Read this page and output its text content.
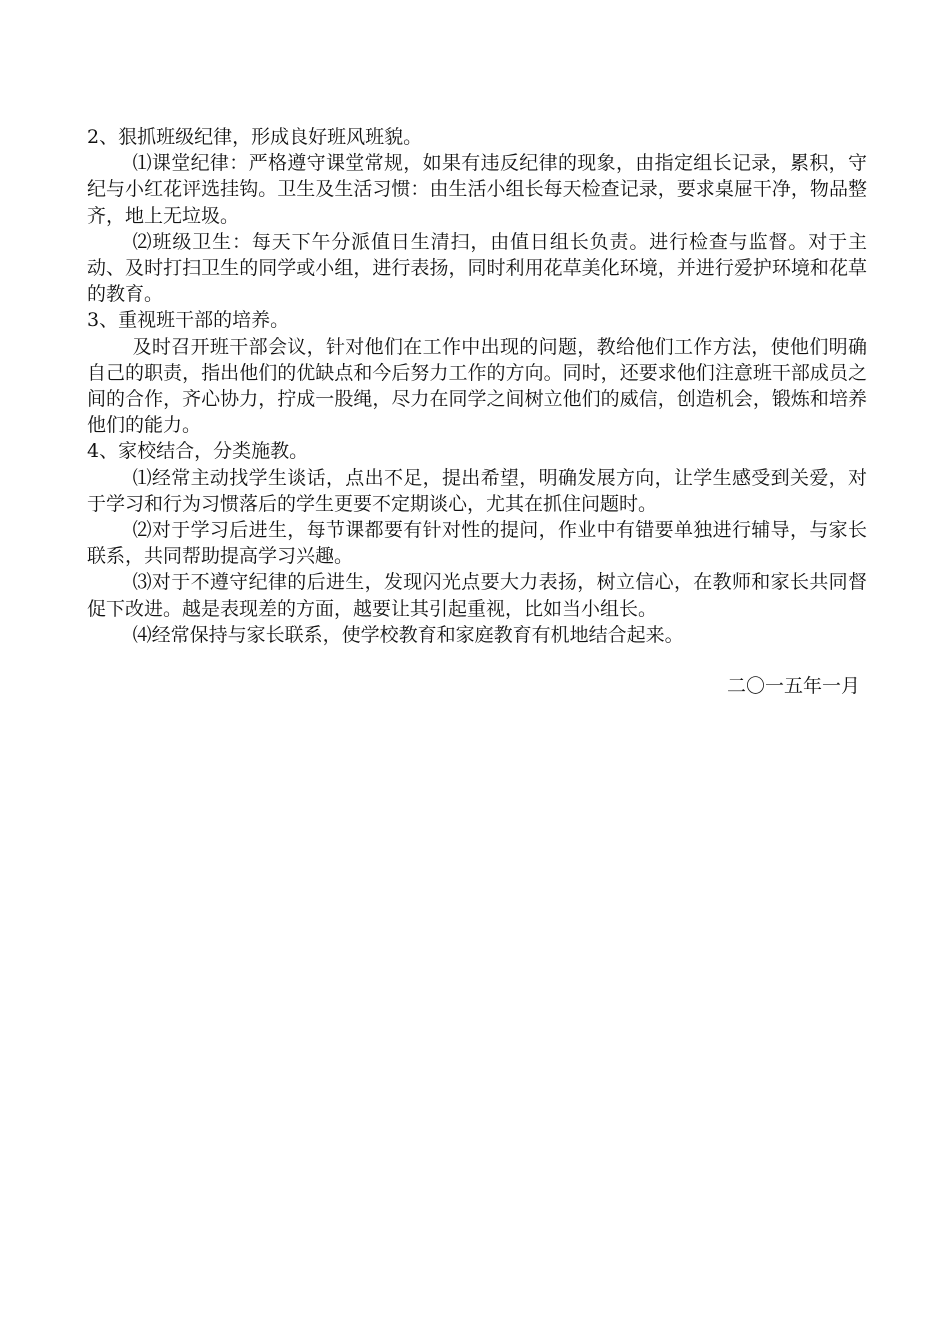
2、狠抓班级纪律，形成良好班风班貌。

⑴课堂纪律：严格遵守课堂常规，如果有违反纪律的现象，由指定组长记录，累积，守纪与小红花评选挂钩。卫生及生活习惯：由生活小组长每天检查记录，要求桌屉干净，物品整齐，地上无垃圾。

⑵班级卫生：每天下午分派值日生清扫，由值日组长负责。进行检查与监督。对于主动、及时打扫卫生的同学或小组，进行表扬，同时利用花草美化环境，并进行爱护环境和花草的教育。

3、重视班干部的培养。

及时召开班干部会议，针对他们在工作中出现的问题，教给他们工作方法，使他们明确自己的职责，指出他们的优缺点和今后努力工作的方向。同时，还要求他们注意班干部成员之间的合作，齐心协力，拧成一股绳，尽力在同学之间树立他们的威信，创造机会，锻炼和培养他们的能力。

4、家校结合，分类施教。

⑴经常主动找学生谈话，点出不足，提出希望，明确发展方向，让学生感受到关爱，对于学习和行为习惯落后的学生更要不定期谈心，尤其在抓住问题时。

⑵对于学习后进生，每节课都要有针对性的提问，作业中有错要单独进行辅导，与家长联系，共同帮助提高学习兴趣。

⑶对于不遵守纪律的后进生，发现闪光点要大力表扬，树立信心，在教师和家长共同督促下改进。越是表现差的方面，越要让其引起重视，比如当小组长。

⑷经常保持与家长联系，使学校教育和家庭教育有机地结合起来。

二〇一五年一月
